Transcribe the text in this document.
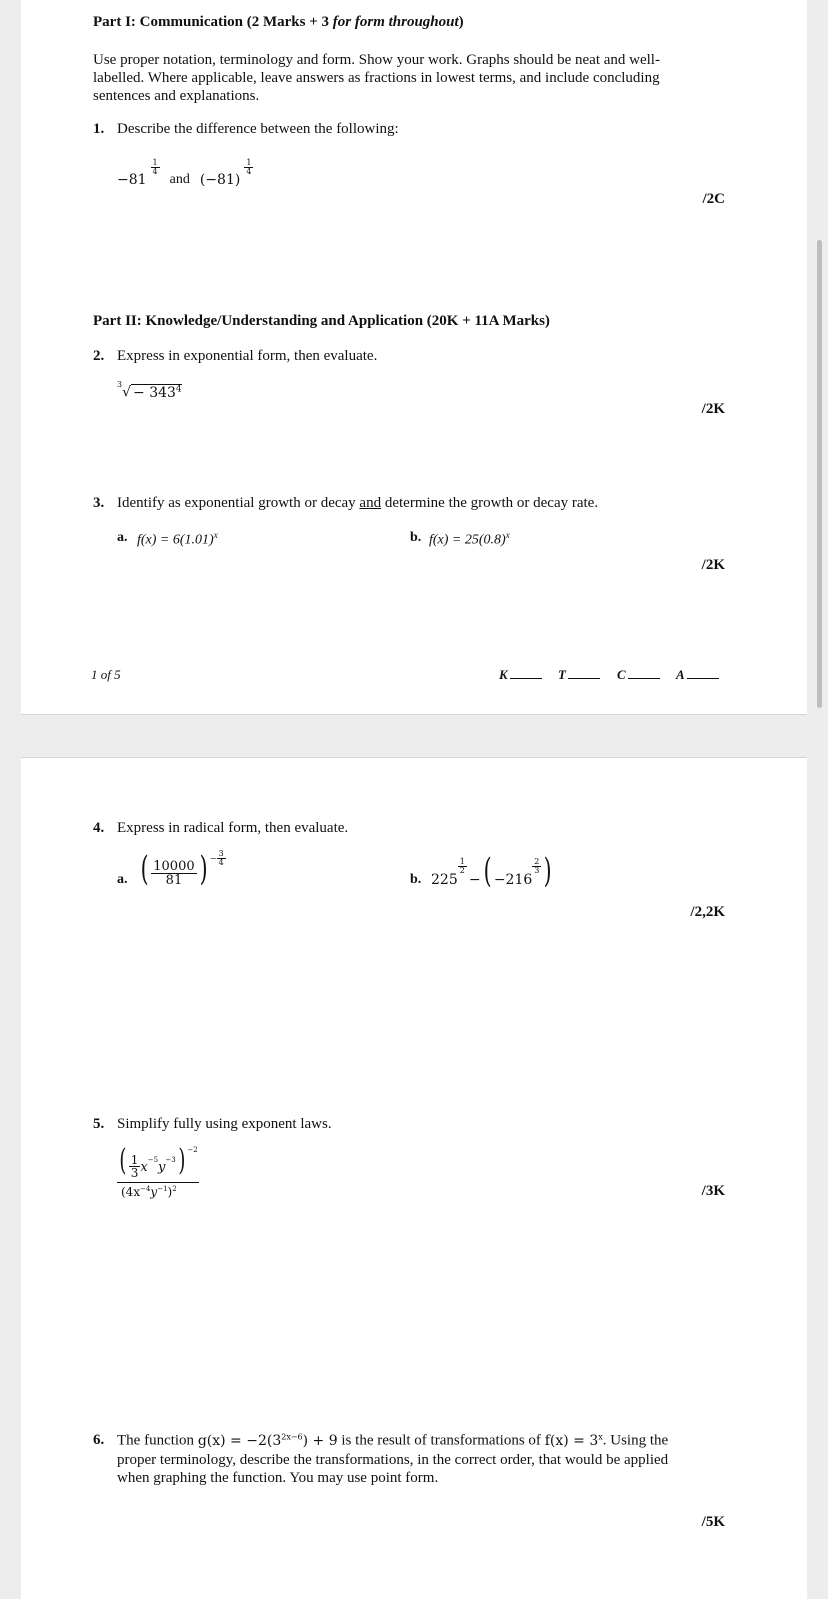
Part I: Communication (2 Marks + 3 for form throughout)
Use proper notation, terminology and form. Show your work. Graphs should be neat and well-labelled. Where applicable, leave answers as fractions in lowest terms, and include concluding sentences and explanations.
1. Describe the difference between the following:
−81
$\frac{1}{4}$
and (−81)
$\frac{1}{4}$
/2C
Part II: Knowledge/Understanding and Application (20K + 11A Marks)
2. Express in exponential form, then evaluate.
$^3√ - 343^4$
/2K
3. Identify as exponential growth or decay and determine the growth or decay rate.
a. $f(x) = 6(1.01)^x$	b. $f(x) = 25(0.8)^x$
/2K
1 of 5	K	T	C	A
4. Express in radical form, then evaluate.
a. ( $\frac{10000}{81}$ ) − $\frac{3}{4}$
b. 225
$\frac{1}{2}$
− ( −216
$\frac{2}{3}$ )
/2,2K
5. Simplify fully using exponent laws.
( $\frac{1}{3} x^{-5}$ $y^{-3}$ ) $^{-2}$
$(4x^{-4}y^{-1})^2$	/3K
6. The function $g(x) = -2(3^{2x-6}) + 9$ is the result of transformations of $f(x) = 3^x$. Using the
proper terminology, describe the transformations, in the correct order, that would be applied when graphing the function. You may use point form.
/5K
